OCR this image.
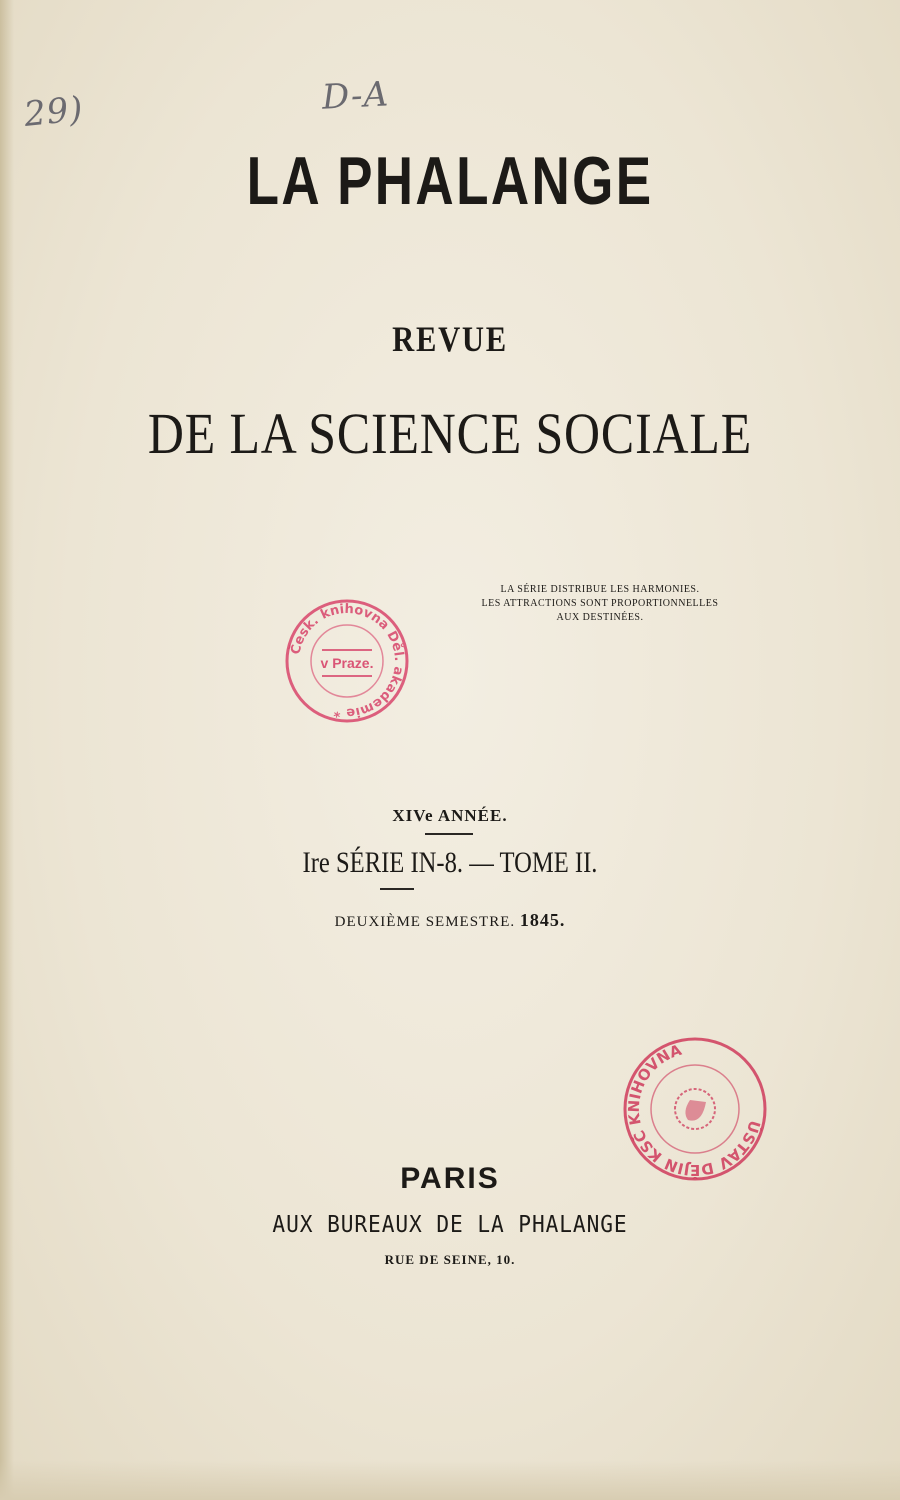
29)	D-A
LA PHALANGE
REVUE
DE LA SCIENCE SOCIALE
LA SÉRIE DISTRIBUE LES HARMONIES.
LES ATTRACTIONS SONT PROPORTIONNELLES
AUX DESTINÉES.
Česk. knihovna Děl. akademie *
v Praze.
XIVe ANNÉE.
Ire SÉRIE IN-8. — TOME II.
DEUXIÈME SEMESTRE. 1845.
ÚSTAV DĚJIN KSČ KNIHOVNA
PARIS
AUX BUREAUX DE LA PHALANGE
RUE DE SEINE, 10.
